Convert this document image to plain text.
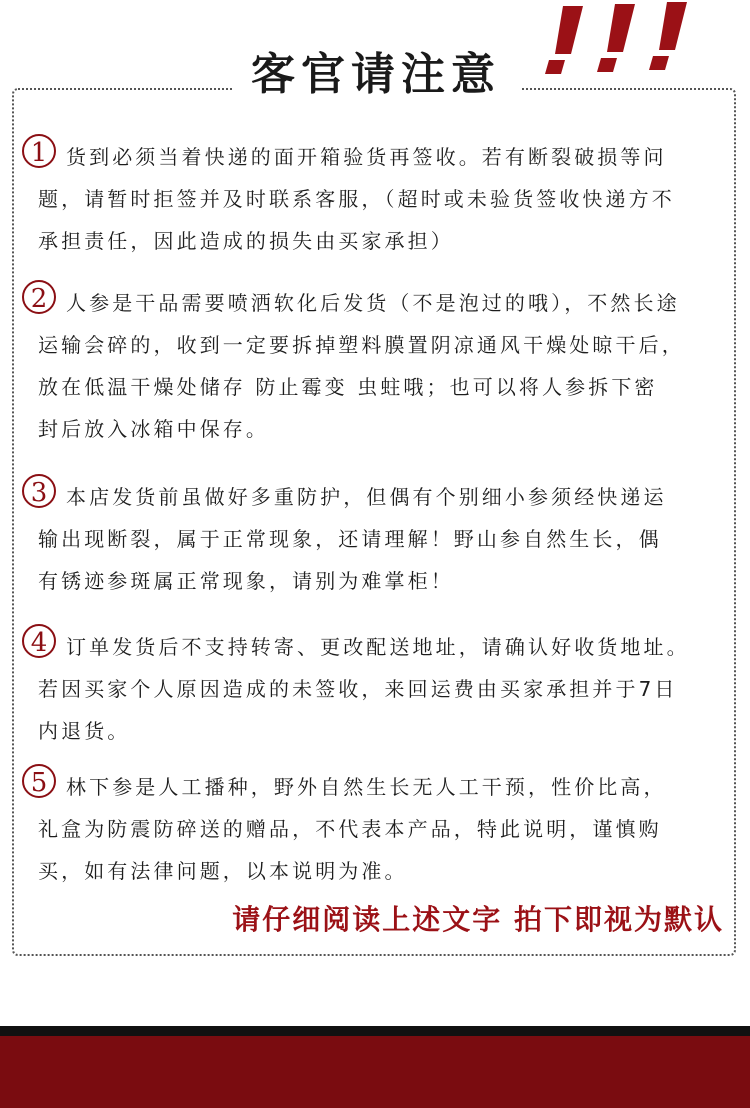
客官请注意
1 货到必须当着快递的面开箱验货再签收。若有断裂破损等问
题，请暂时拒签并及时联系客服，（超时或未验货签收快递方不
承担责任，因此造成的损失由买家承担）
2 人参是干品需要喷洒软化后发货（不是泡过的哦），不然长途
运输会碎的，收到一定要拆掉塑料膜置阴凉通风干燥处晾干后，
放在低温干燥处储存 防止霉变 虫蛀哦；也可以将人参拆下密
封后放入冰箱中保存。
3 本店发货前虽做好多重防护，但偶有个别细小参须经快递运
输出现断裂，属于正常现象，还请理解！野山参自然生长，偶
有锈迹参斑属正常现象，请别为难掌柜！
4 订单发货后不支持转寄、更改配送地址，请确认好收货地址。
若因买家个人原因造成的未签收，来回运费由买家承担并于7日
内退货。
5 林下参是人工播种，野外自然生长无人工干预，性价比高，
礼盒为防震防碎送的赠品，不代表本产品，特此说明，谨慎购
买，如有法律问题，以本说明为准。
请仔细阅读上述文字 拍下即视为默认
